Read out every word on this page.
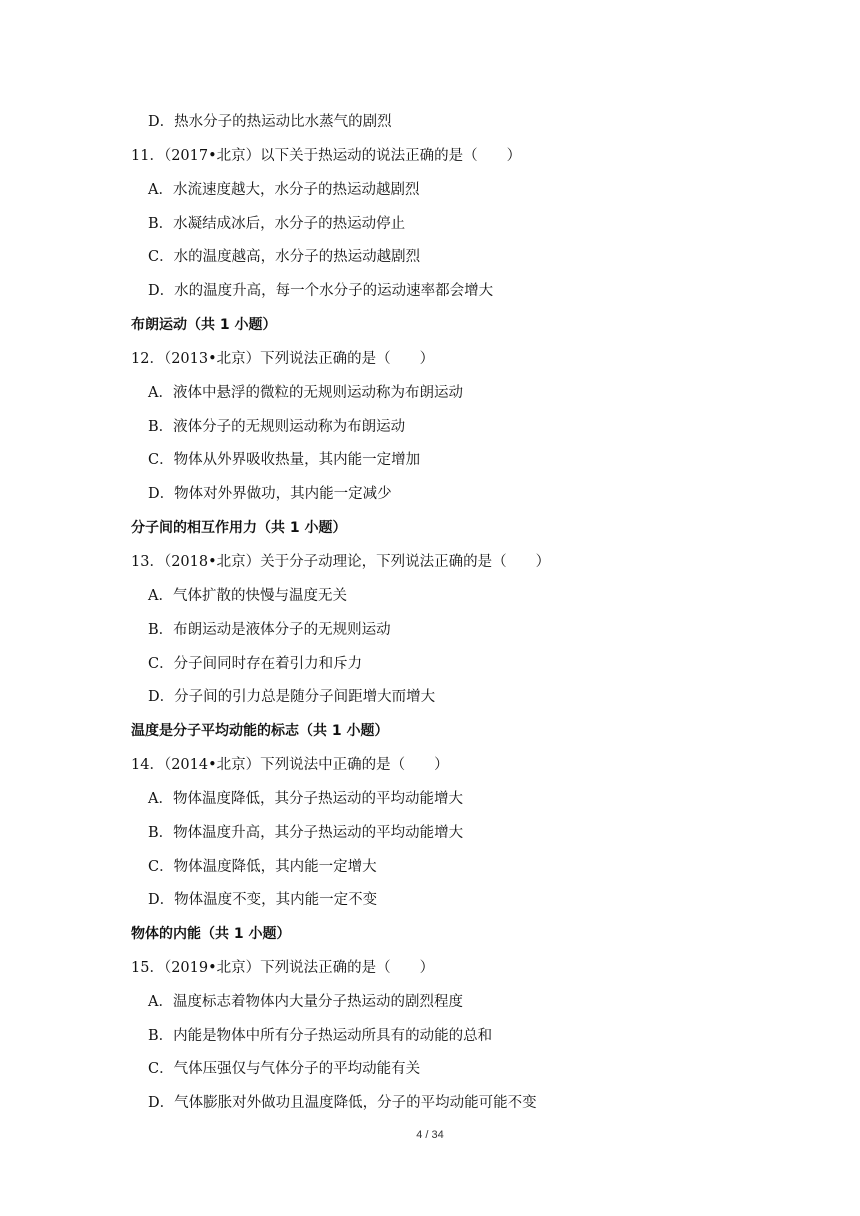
D．热水分子的热运动比水蒸气的剧烈
11．（2017•北京）以下关于热运动的说法正确的是（　　）
A．水流速度越大，水分子的热运动越剧烈
B．水凝结成冰后，水分子的热运动停止
C．水的温度越高，水分子的热运动越剧烈
D．水的温度升高，每一个水分子的运动速率都会增大
布朗运动（共 1 小题）
12．（2013•北京）下列说法正确的是（　　）
A．液体中悬浮的微粒的无规则运动称为布朗运动
B．液体分子的无规则运动称为布朗运动
C．物体从外界吸收热量，其内能一定增加
D．物体对外界做功，其内能一定减少
分子间的相互作用力（共 1 小题）
13．（2018•北京）关于分子动理论，下列说法正确的是（　　）
A．气体扩散的快慢与温度无关
B．布朗运动是液体分子的无规则运动
C．分子间同时存在着引力和斥力
D．分子间的引力总是随分子间距增大而增大
温度是分子平均动能的标志（共 1 小题）
14．（2014•北京）下列说法中正确的是（　　）
A．物体温度降低，其分子热运动的平均动能增大
B．物体温度升高，其分子热运动的平均动能增大
C．物体温度降低，其内能一定增大
D．物体温度不变，其内能一定不变
物体的内能（共 1 小题）
15．（2019•北京）下列说法正确的是（　　）
A．温度标志着物体内大量分子热运动的剧烈程度
B．内能是物体中所有分子热运动所具有的动能的总和
C．气体压强仅与气体分子的平均动能有关
D．气体膨胀对外做功且温度降低，分子的平均动能可能不变
4 / 34
